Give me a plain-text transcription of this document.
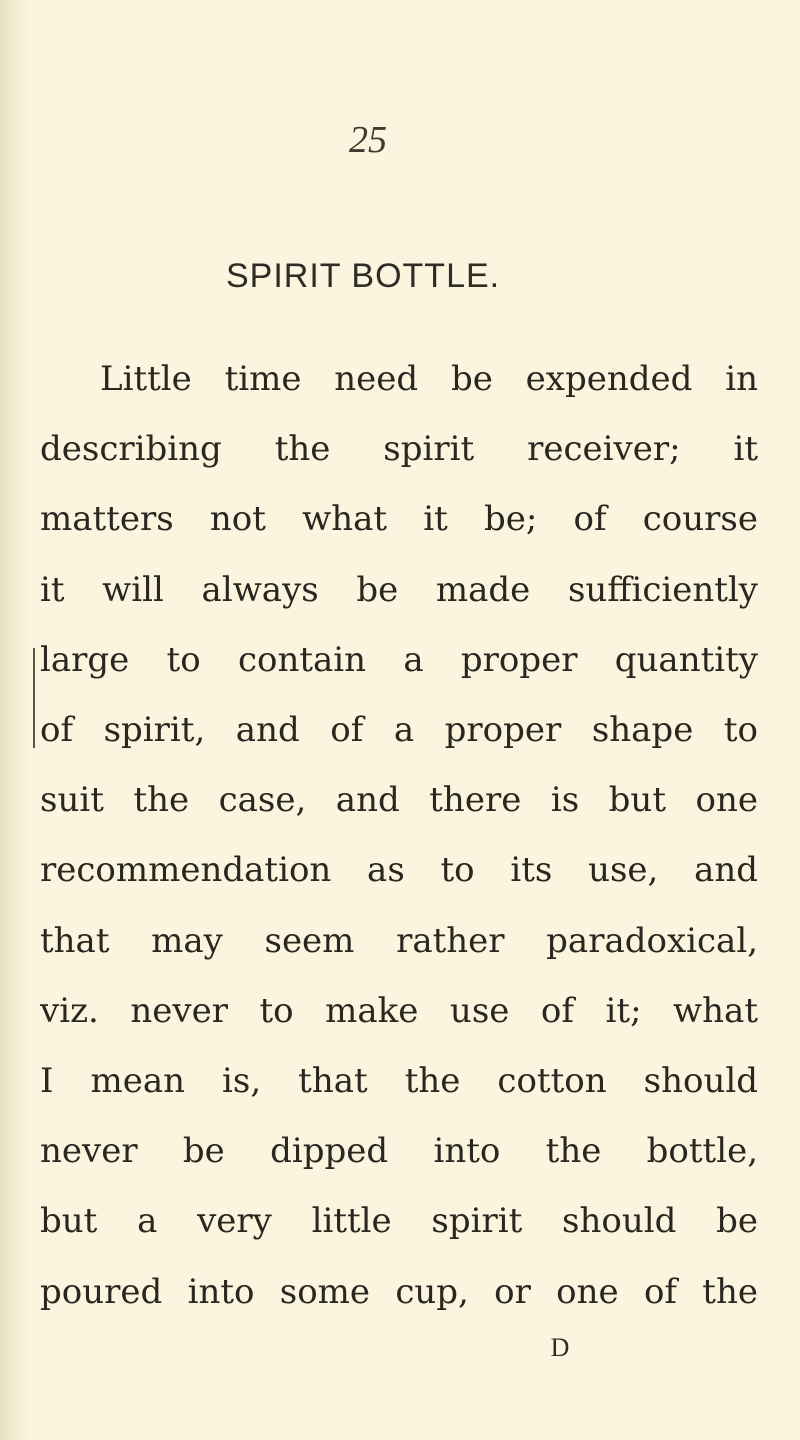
25
SPIRIT BOTTLE.
Little time need be expended in
describing the spirit receiver; it
matters not what it be; of course
it will always be made sufficiently
large to contain a proper quantity
of spirit, and of a proper shape to
suit the case, and there is but one
recommendation as to its use, and
that may seem rather paradoxical,
viz. never to make use of it; what
I mean is, that the cotton should
never be dipped into the bottle,
but a very little spirit should be
poured into some cup, or one of the
D
